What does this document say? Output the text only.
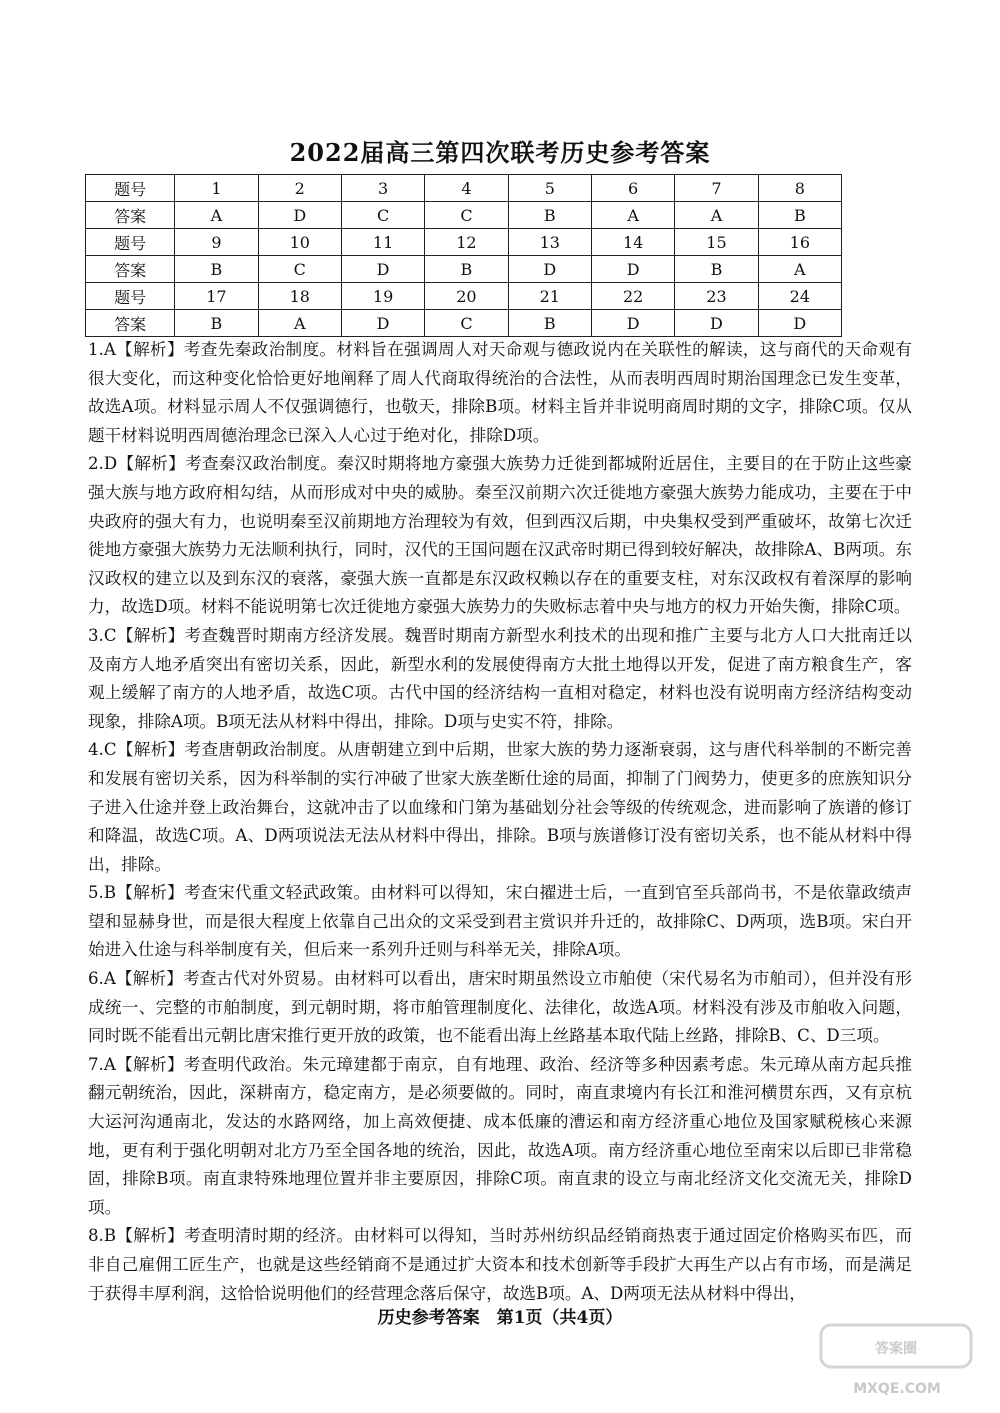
2022届高三第四次联考历史参考答案
题号	1	2	3	4	5	6	7	8
答案	A	D	C	C	B	A	A	B
题号	9	10	11	12	13	14	15	16
答案	B	C	D	B	D	D	B	A
题号	17	18	19	20	21	22	23	24
答案	B	A	D	C	B	D	D	D

1.A【解析】考查先秦政治制度。材料旨在强调周人对天命观与德政说内在关联性的解读，这与商代的天命观有很大变化，而这种变化恰恰更好地阐释了周人代商取得统治的合法性，从而表明西周时期治国理念已发生变革，故选A项。材料显示周人不仅强调德行，也敬天，排除B项。材料主旨并非说明商周时期的文字，排除C项。仅从题干材料说明西周德治理念已深入人心过于绝对化，排除D项。

2.D【解析】考查秦汉政治制度。秦汉时期将地方豪强大族势力迁徙到都城附近居住，主要目的在于防止这些豪强大族与地方政府相勾结，从而形成对中央的威胁。秦至汉前期六次迁徙地方豪强大族势力能成功，主要在于中央政府的强大有力，也说明秦至汉前期地方治理较为有效，但到西汉后期，中央集权受到严重破坏，故第七次迁徙地方豪强大族势力无法顺利执行，同时，汉代的王国问题在汉武帝时期已得到较好解决，故排除A、B两项。东汉政权的建立以及到东汉的衰落，豪强大族一直都是东汉政权赖以存在的重要支柱，对东汉政权有着深厚的影响力，故选D项。材料不能说明第七次迁徙地方豪强大族势力的失败标志着中央与地方的权力开始失衡，排除C项。

3.C【解析】考查魏晋时期南方经济发展。魏晋时期南方新型水利技术的出现和推广主要与北方人口大批南迁以及南方人地矛盾突出有密切关系，因此，新型水利的发展使得南方大批土地得以开发，促进了南方粮食生产，客观上缓解了南方的人地矛盾，故选C项。古代中国的经济结构一直相对稳定，材料也没有说明南方经济结构变动现象，排除A项。B项无法从材料中得出，排除。D项与史实不符，排除。

4.C【解析】考查唐朝政治制度。从唐朝建立到中后期，世家大族的势力逐渐衰弱，这与唐代科举制的不断完善和发展有密切关系，因为科举制的实行冲破了世家大族垄断仕途的局面，抑制了门阀势力，使更多的庶族知识分子进入仕途并登上政治舞台，这就冲击了以血缘和门第为基础划分社会等级的传统观念，进而影响了族谱的修订和降温，故选C项。A、D两项说法无法从材料中得出，排除。B项与族谱修订没有密切关系，也不能从材料中得出，排除。

5.B【解析】考查宋代重文轻武政策。由材料可以得知，宋白擢进士后，一直到官至兵部尚书，不是依靠政绩声望和显赫身世，而是很大程度上依靠自己出众的文采受到君主赏识并升迁的，故排除C、D两项，选B项。宋白开始进入仕途与科举制度有关，但后来一系列升迁则与科举无关，排除A项。

6.A【解析】考查古代对外贸易。由材料可以看出，唐宋时期虽然设立市舶使（宋代易名为市舶司），但并没有形成统一、完整的市舶制度，到元朝时期，将市舶管理制度化、法律化，故选A项。材料没有涉及市舶收入问题，同时既不能看出元朝比唐宋推行更开放的政策，也不能看出海上丝路基本取代陆上丝路，排除B、C、D三项。

7.A【解析】考查明代政治。朱元璋建都于南京，自有地理、政治、经济等多种因素考虑。朱元璋从南方起兵推翻元朝统治，因此，深耕南方，稳定南方，是必须要做的。同时，南直隶境内有长江和淮河横贯东西，又有京杭大运河沟通南北，发达的水路网络，加上高效便捷、成本低廉的漕运和南方经济重心地位及国家赋税核心来源地，更有利于强化明朝对北方乃至全国各地的统治，因此，故选A项。南方经济重心地位至南宋以后即已非常稳固，排除B项。南直隶特殊地理位置并非主要原因，排除C项。南直隶的设立与南北经济文化交流无关，排除D项。

8.B【解析】考查明清时期的经济。由材料可以得知，当时苏州纺织品经销商热衷于通过固定价格购买布匹，而非自己雇佣工匠生产，也就是这些经销商不是通过扩大资本和技术创新等手段扩大再生产以占有市场，而是满足于获得丰厚利润，这恰恰说明他们的经营理念落后保守，故选B项。A、D两项无法从材料中得出，

历史参考答案　第1页（共4页）
答案圈
MXQE.COM
